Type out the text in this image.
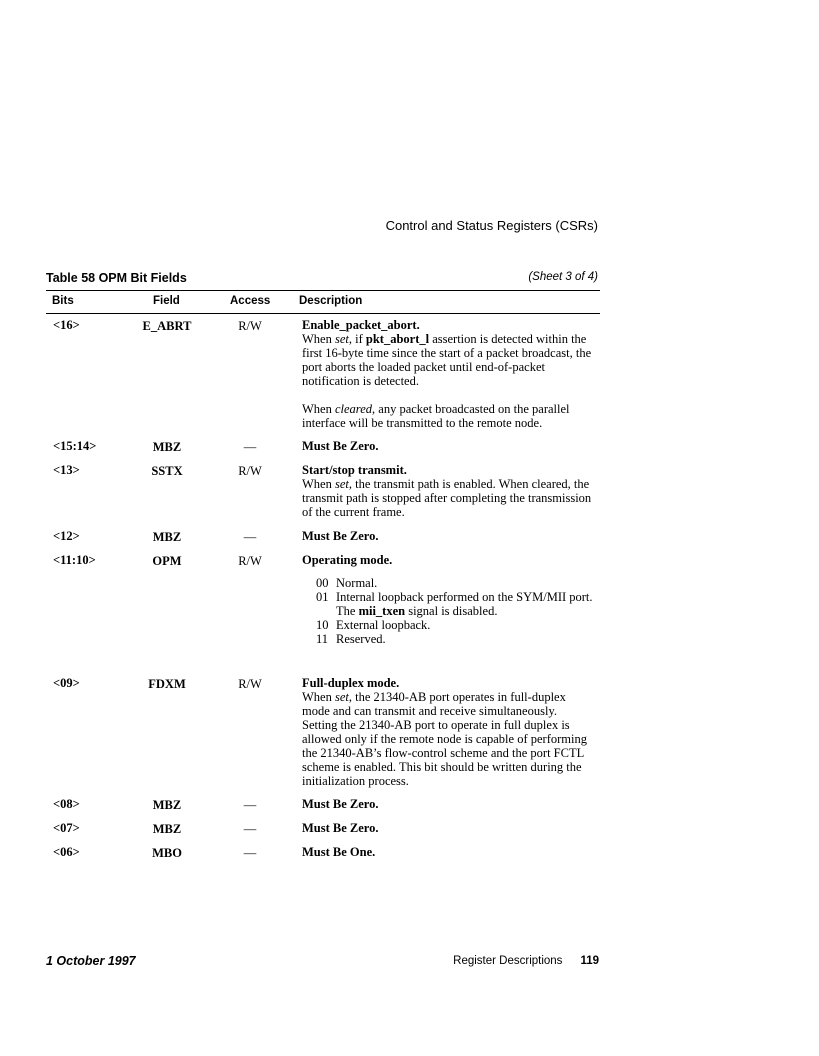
Control and Status Registers (CSRs)
Table 58 OPM Bit Fields	(Sheet 3 of 4)
Bits	Field	Access Description
<16>	E_ABRT	R/W	Enable_packet_abort.

When set, if pkt_abort_l assertion is detected within the first 16-byte time since the start of a packet broadcast, the port aborts the loaded packet until end-of-packet notification is detected.

When cleared, any packet broadcasted on the parallel interface will be transmitted to the remote node.

<15:14>	MBZ	—	Must Be Zero.
<13>	SSTX	R/W	Start/stop transmit.

When set, the transmit path is enabled. When cleared, the transmit path is stopped after completing the transmission of the current frame.

<12>	MBZ	—	Must Be Zero.
<11:10>	OPM	R/W	Operating mode.
00 Normal.
01 Internal loopback performed on the SYM/MII port. The mii_txen signal is disabled.
10 External loopback.
11 Reserved.
<09>	FDXM	R/W	Full-duplex mode.

When set, the 21340-AB port operates in full-duplex mode and can transmit and receive simultaneously. Setting the 21340-AB port to operate in full duplex is allowed only if the remote node is capable of performing the 21340-AB’s flow-control scheme and the port FCTL scheme is enabled. This bit should be written during the initialization process.

<08>	MBZ	—	Must Be Zero.
<07>	MBZ	—	Must Be Zero.
<06>	MBO	—	Must Be One.
1 October 1997	Register Descriptions 119
